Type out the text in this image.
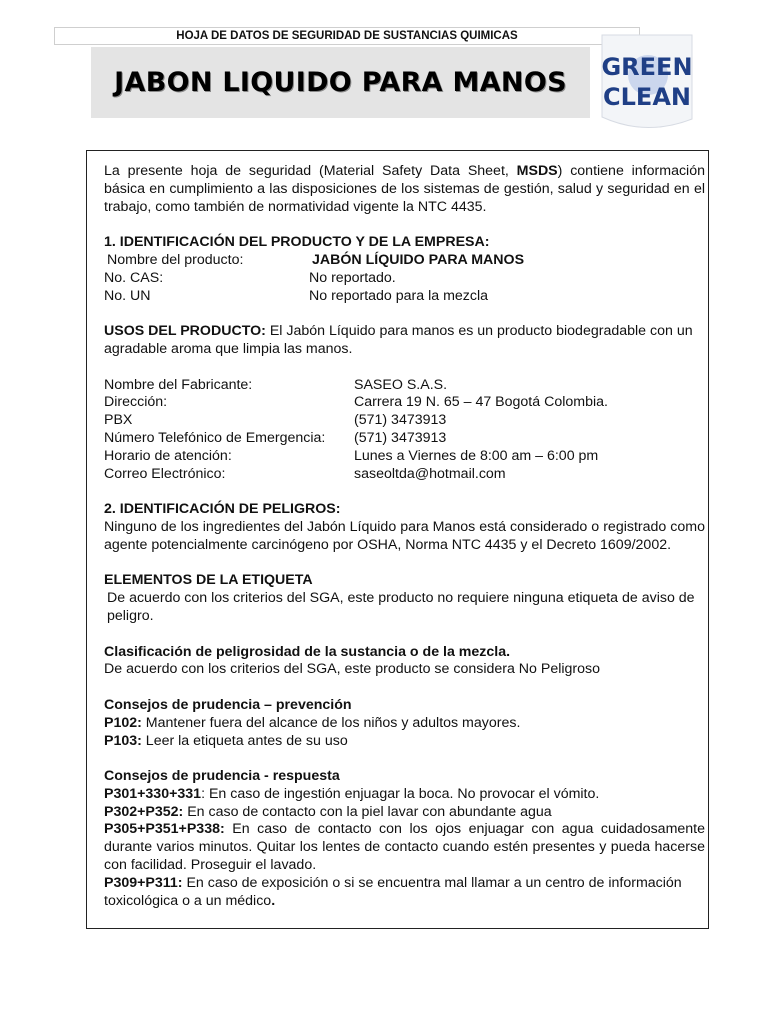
HOJA DE DATOS DE SEGURIDAD DE SUSTANCIAS QUIMICAS
JABON LIQUIDO PARA MANOS GREEN
CLEAN

La presente hoja de seguridad (Material Safety Data Sheet, MSDS) contiene información básica en cumplimiento a las disposiciones de los sistemas de gestión, salud y seguridad en el trabajo, como también de normatividad vigente la NTC 4435.

1. IDENTIFICACIÓN DEL PRODUCTO Y DE LA EMPRESA:

Nombre del producto:	JABÓN LÍQUIDO PARA MANOS
No. CAS:	No reportado.
No. UN	No reportado para la mezcla

USOS DEL PRODUCTO: El Jabón Líquido para manos es un producto biodegradable con un agradable aroma que limpia las manos.

Nombre del Fabricante:	SASEO S.A.S.
Dirección:	Carrera 19 N. 65 – 47 Bogotá Colombia.
PBX	(571) 3473913
Número Telefónico de Emergencia:	(571) 3473913
Horario de atención:	Lunes a Viernes de 8:00 am – 6:00 pm
Correo Electrónico:	saseoltda@hotmail.com

2. IDENTIFICACIÓN DE PELIGROS:

Ninguno de los ingredientes del Jabón Líquido para Manos está considerado o registrado como agente potencialmente carcinógeno por OSHA, Norma NTC 4435 y el Decreto 1609/2002.

ELEMENTOS DE LA ETIQUETA

De acuerdo con los criterios del SGA, este producto no requiere ninguna etiqueta de aviso de peligro.

Clasificación de peligrosidad de la sustancia o de la mezcla.

De acuerdo con los criterios del SGA, este producto se considera No Peligroso

Consejos de prudencia – prevención

P102: Mantener fuera del alcance de los niños y adultos mayores.

P103: Leer la etiqueta antes de su uso

Consejos de prudencia - respuesta

P301+330+331: En caso de ingestión enjuagar la boca. No provocar el vómito.

P302+P352: En caso de contacto con la piel lavar con abundante agua

P305+P351+P338: En caso de contacto con los ojos enjuagar con agua cuidadosamente durante varios minutos. Quitar los lentes de contacto cuando estén presentes y pueda hacerse con facilidad. Proseguir el lavado.

P309+P311: En caso de exposición o si se encuentra mal llamar a un centro de información toxicológica o a un médico.
